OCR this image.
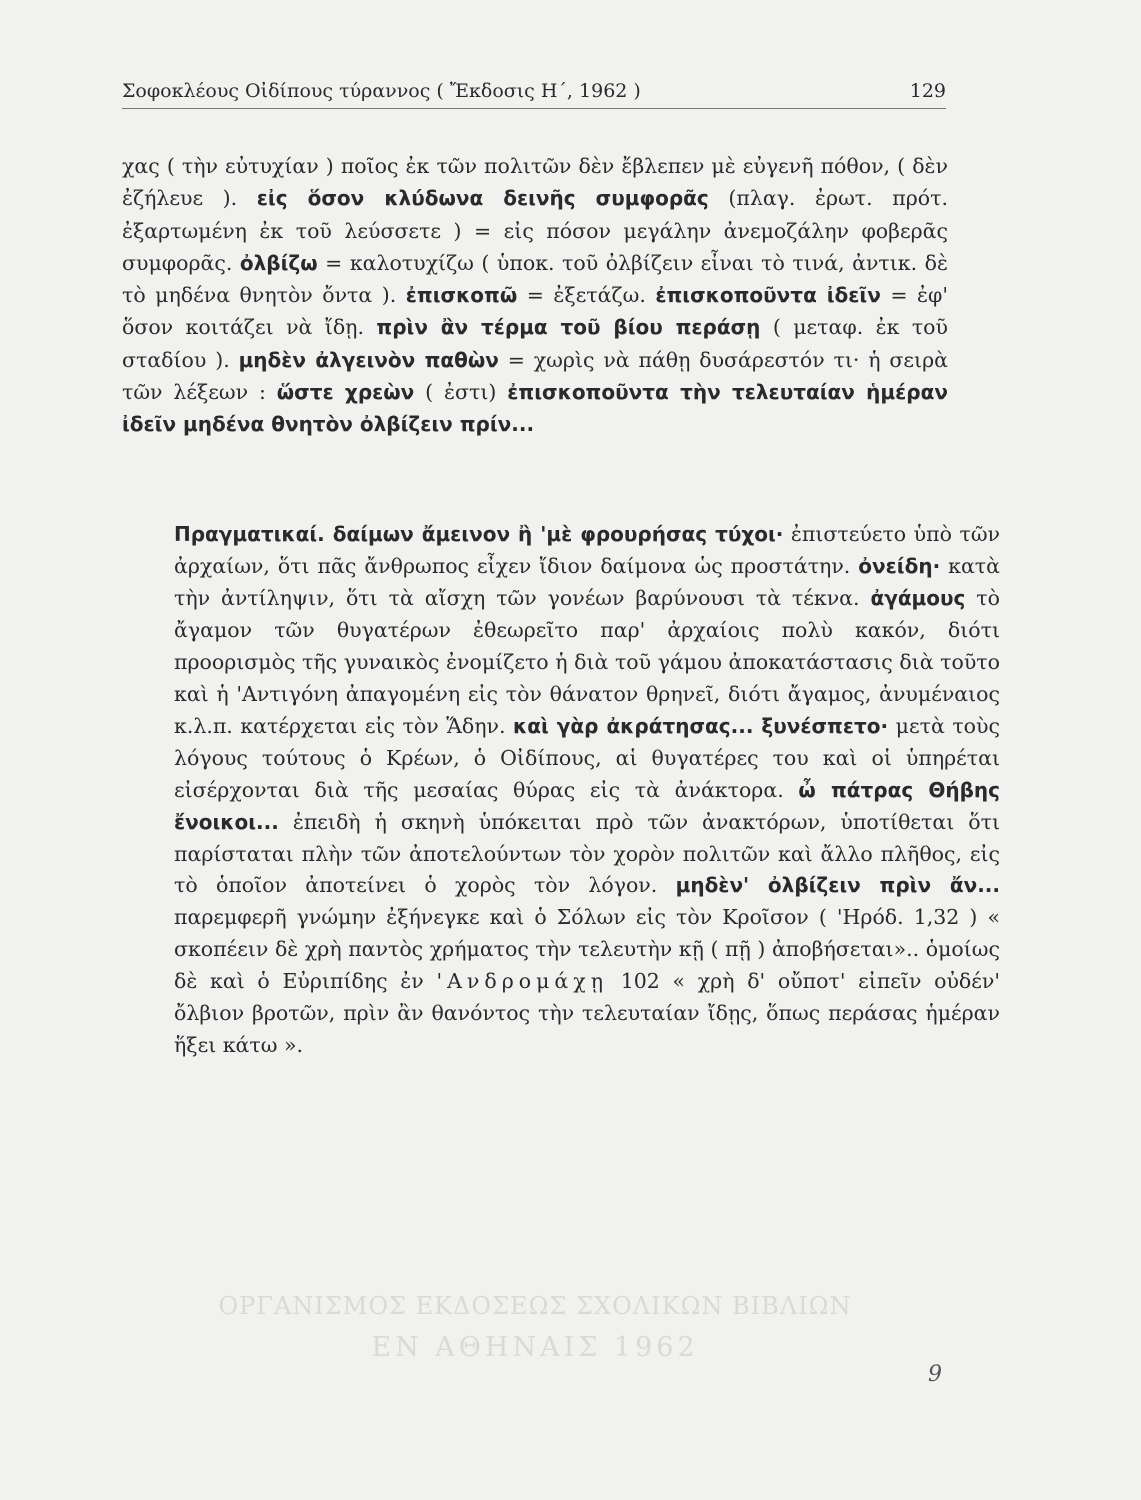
Σοφοκλέους Οἰδίπους τύραννος ( Ἔκδοσις Η΄, 1962 )	129
χας ( τὴν εὐτυχίαν ) ποῖος ἐκ τῶν πολιτῶν δὲν ἔβλεπεν μὲ εὐγενῆ πόθον, ( δὲν ἐζήλευε ). εἰς ὅσον κλύδωνα δεινῆς συμφορᾶς (πλαγ. ἐρωτ. πρότ. ἐξαρτωμένη ἐκ τοῦ λεύσσετε ) = εἰς πόσον μεγάλην ἀνεμοζάλην φοβερᾶς συμφορᾶς. ὀλβίζω = καλοτυχίζω ( ὑποκ. τοῦ ὀλβίζειν εἶναι τὸ τινά, ἀντικ. δὲ τὸ μηδένα θνητὸν ὄντα ). ἐπισκοπῶ = ἐξετάζω. ἐπισκοποῦντα ἰδεῖν = ἐφ' ὅσον κοιτάζει νὰ ἴδῃ. πρὶν ἂν τέρμα τοῦ βίου περάσῃ ( μεταφ. ἐκ τοῦ σταδίου ). μηδὲν ἀλγεινὸν παθὼν = χωρὶς νὰ πάθῃ δυσάρεστόν τι· ἡ σειρὰ τῶν λέξεων : ὥστε χρεὼν ( ἐστι) ἐπισκοποῦντα τὴν τελευταίαν ἡμέραν ἰδεῖν μηδένα θνητὸν ὀλβίζειν πρίν...
Πραγματικαί. δαίμων ἄμεινον ἢ 'μὲ φρουρήσας τύχοι· ἐπιστεύετο ὑπὸ τῶν ἀρχαίων, ὅτι πᾶς ἄνθρωπος εἶχεν ἴδιον δαίμονα ὡς προστάτην. ὀνείδη· κατὰ τὴν ἀντίληψιν, ὅτι τὰ αἴσχη τῶν γονέων βαρύνουσι τὰ τέκνα. ἀγάμους τὸ ἄγαμον τῶν θυγατέρων ἐθεωρεῖτο παρ' ἀρχαίοις πολὺ κακόν, διότι προορισμὸς τῆς γυναικὸς ἐνομίζετο ἡ διὰ τοῦ γάμου ἀποκατάστασις διὰ τοῦτο καὶ ἡ 'Αντιγόνη ἀπαγομένη εἰς τὸν θάνατον θρηνεῖ, διότι ἄγαμος, ἀνυμέναιος κ.λ.π. κατέρχεται εἰς τὸν Ἅδην. καὶ γὰρ ἀκράτησας... ξυνέσπετο· μετὰ τοὺς λόγους τούτους ὁ Κρέων, ὁ Οἰδίπους, αἱ θυγατέρες του καὶ οἱ ὑπηρέται εἰσέρχονται διὰ τῆς μεσαίας θύρας εἰς τὰ ἀνάκτορα. ὦ πάτρας Θήβης ἔνοικοι... ἐπειδὴ ἡ σκηνὴ ὑπόκειται πρὸ τῶν ἀνακτόρων, ὑποτίθεται ὅτι παρίσταται πλὴν τῶν ἀποτελούντων τὸν χορὸν πολιτῶν καὶ ἄλλο πλῆθος, εἰς τὸ ὁποῖον ἀποτείνει ὁ χορὸς τὸν λόγον. μηδὲν' ὀλβίζειν πρὶν ἄν... παρεμφερῆ γνώμην ἐξήνεγκε καὶ ὁ Σόλων εἰς τὸν Κροῖσον ( 'Ηρόδ. 1,32 ) « σκοπέειν δὲ χρὴ παντὸς χρήματος τὴν τελευτὴν κῇ ( πῇ ) ἀποβήσεται».. ὁμοίως δὲ καὶ ὁ Εὐριπίδης ἐν 'Ανδρομάχῃ 102 « χρὴ δ' οὔποτ' εἰπεῖν οὐδέν' ὄλβιον βροτῶν, πρὶν ἂν θανόντος τὴν τελευταίαν ἴδῃς, ὅπως περάσας ἡμέραν ἥξει κάτω ».
ΟΡΓΑΝΙΣΜΟΣ ΕΚΔΟΣΕΩΣ ΣΧΟΛΙΚΩΝ ΒΙΒΛΙΩΝ
ΕΝ ΑΘΗΝΑΙΣ 1962
9
